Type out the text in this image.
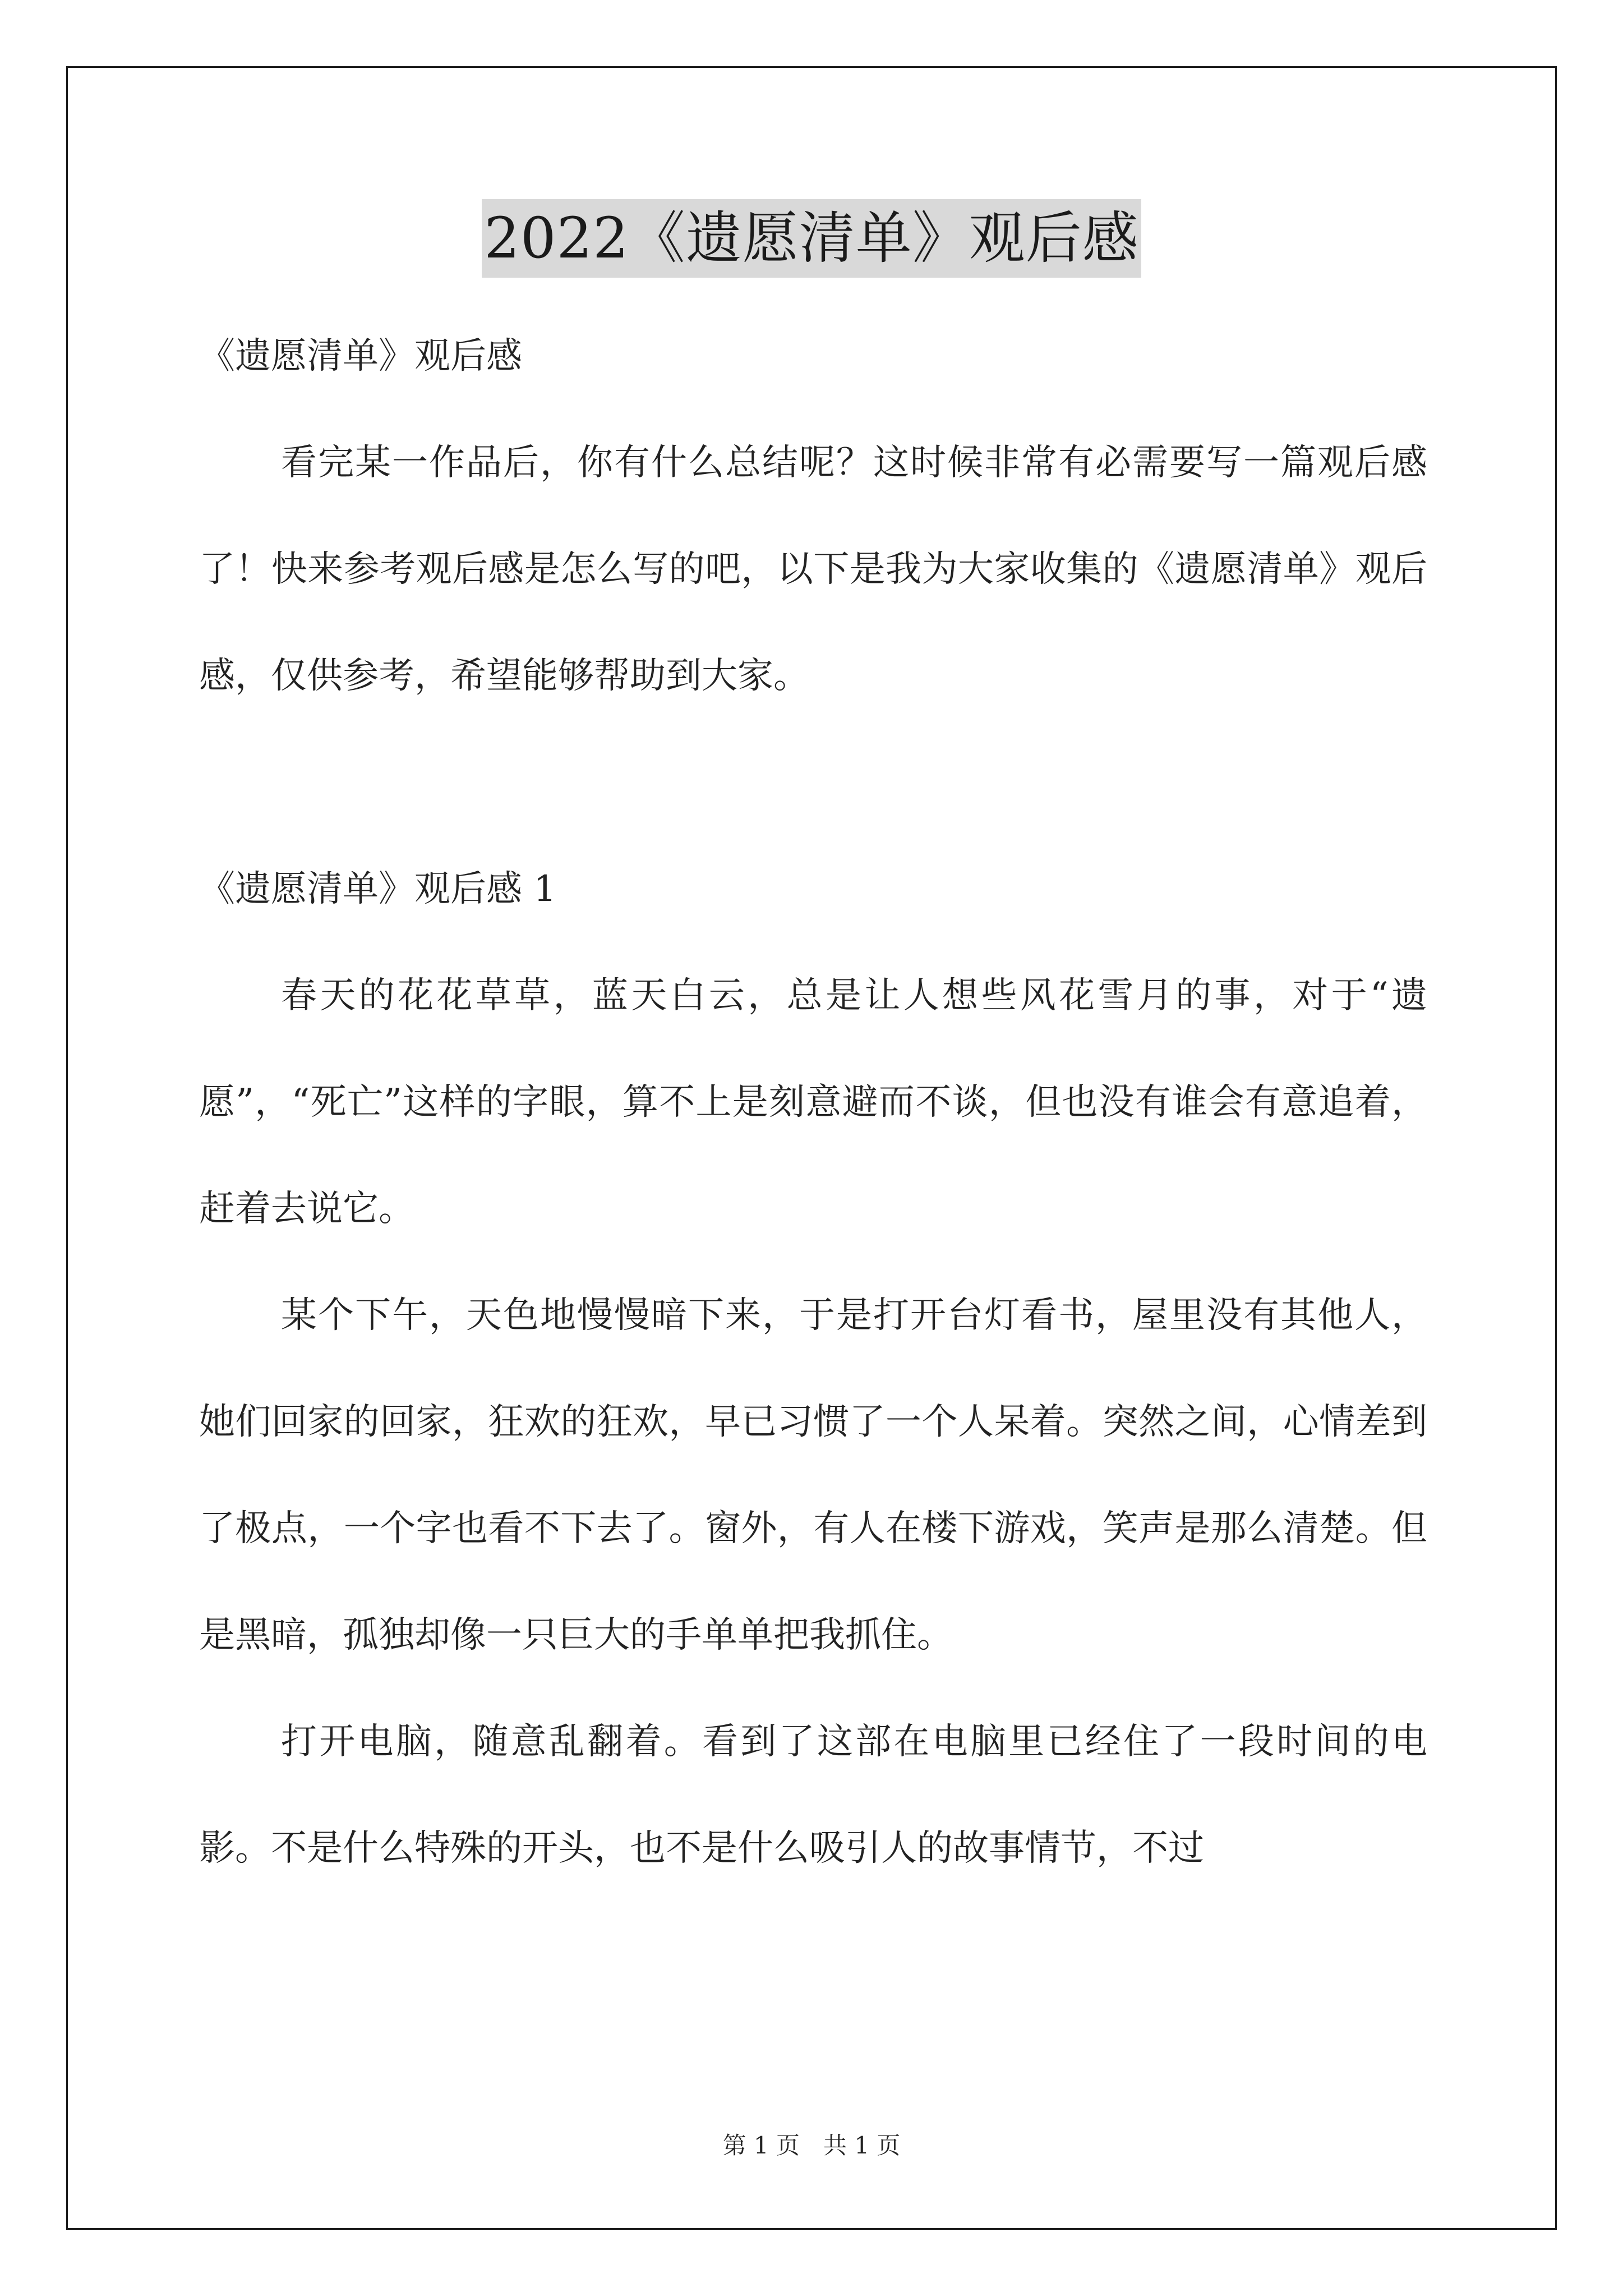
2022《遗愿清单》观后感

《遗愿清单》观后感

看完某一作品后，你有什么总结呢？这时候非常有必需要写一篇观后感了！快来参考观后感是怎么写的吧，以下是我为大家收集的《遗愿清单》观后感，仅供参考，希望能够帮助到大家。

《遗愿清单》观后感 1

春天的花花草草，蓝天白云，总是让人想些风花雪月的事，对于“遗愿”，“死亡”这样的字眼，算不上是刻意避而不谈，但也没有谁会有意追着，赶着去说它。

某个下午，天色地慢慢暗下来，于是打开台灯看书，屋里没有其他人，她们回家的回家，狂欢的狂欢，早已习惯了一个人呆着。突然之间，心情差到了极点，一个字也看不下去了。窗外，有人在楼下游戏，笑声是那么清楚。但是黑暗，孤独却像一只巨大的手单单把我抓住。

打开电脑，随意乱翻着。看到了这部在电脑里已经住了一段时间的电影。不是什么特殊的开头，也不是什么吸引人的故事情节，不过

第 1 页　共 1 页
